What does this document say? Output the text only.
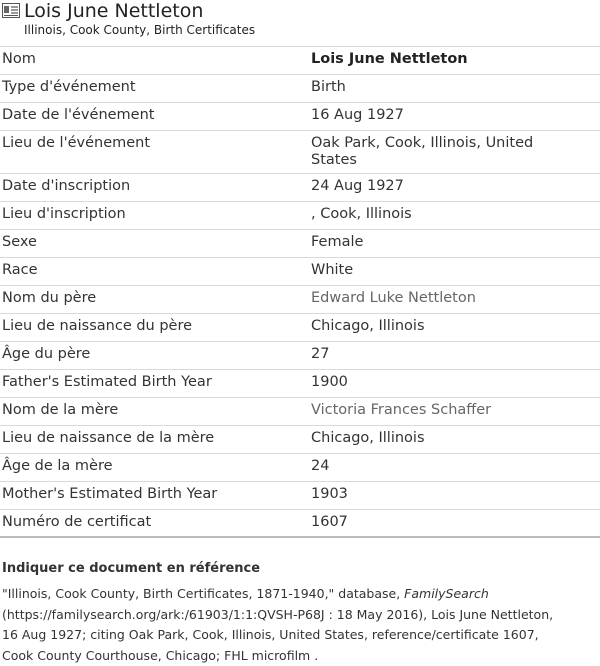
Lois June Nettleton
Illinois, Cook County, Birth Certificates
Nom	Lois June Nettleton
Type d'événement	Birth
Date de l'événement	16 Aug 1927
Lieu de l'événement	Oak Park, Cook, Illinois, United States
Date d'inscription	24 Aug 1927
Lieu d'inscription	, Cook, Illinois
Sexe	Female
Race	White
Nom du père	Edward Luke Nettleton
Lieu de naissance du père	Chicago, Illinois
Âge du père	27
Father's Estimated Birth Year	1900
Nom de la mère	Victoria Frances Schaffer
Lieu de naissance de la mère	Chicago, Illinois
Âge de la mère	24
Mother's Estimated Birth Year	1903
Numéro de certificat	1607
Indiquer ce document en référence
"Illinois, Cook County, Birth Certificates, 1871-1940," database, FamilySearch
(https://familysearch.org/ark:/61903/1:1:QVSH-P68J : 18 May 2016), Lois June Nettleton,
16 Aug 1927; citing Oak Park, Cook, Illinois, United States, reference/certificate 1607,
Cook County Courthouse, Chicago; FHL microfilm .
